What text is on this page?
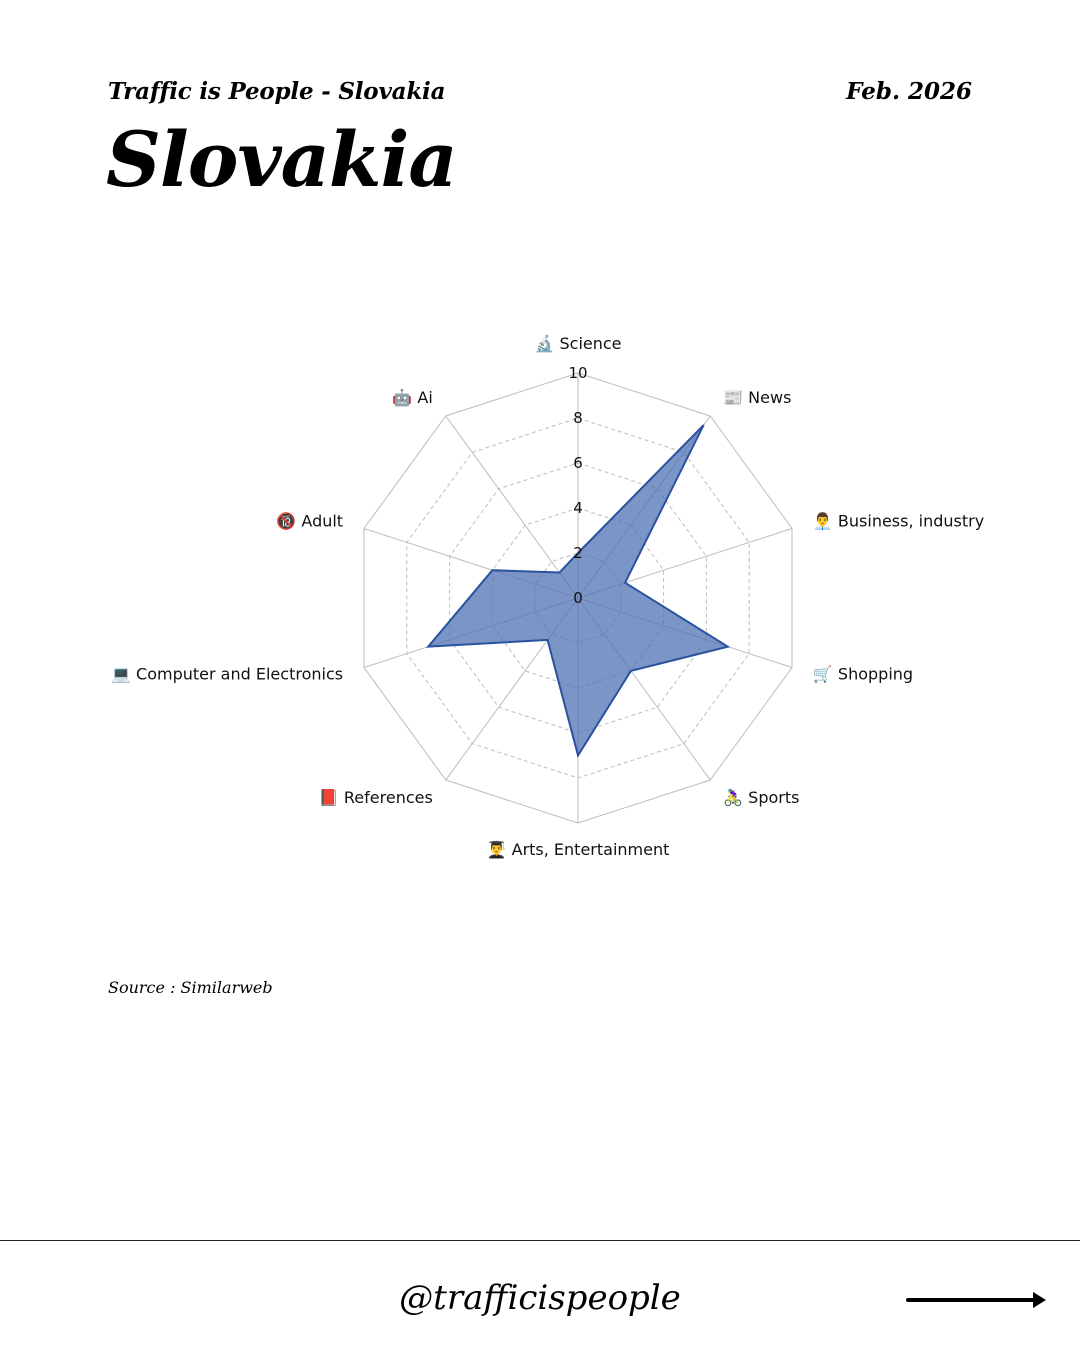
Traffic is People - Slovakia	Feb. 2026
Slovakia
0
2
4
6
8
10
🔬 Science
📰 News
👨‍💼 Business, industry
🛒 Shopping
🚴‍♀️ Sports
👨‍🎓 Arts, Entertainment
📕 References
💻 Computer and Electronics
🔞 Adult
🤖 Ai
Source : Similarweb
@trafficispeople
